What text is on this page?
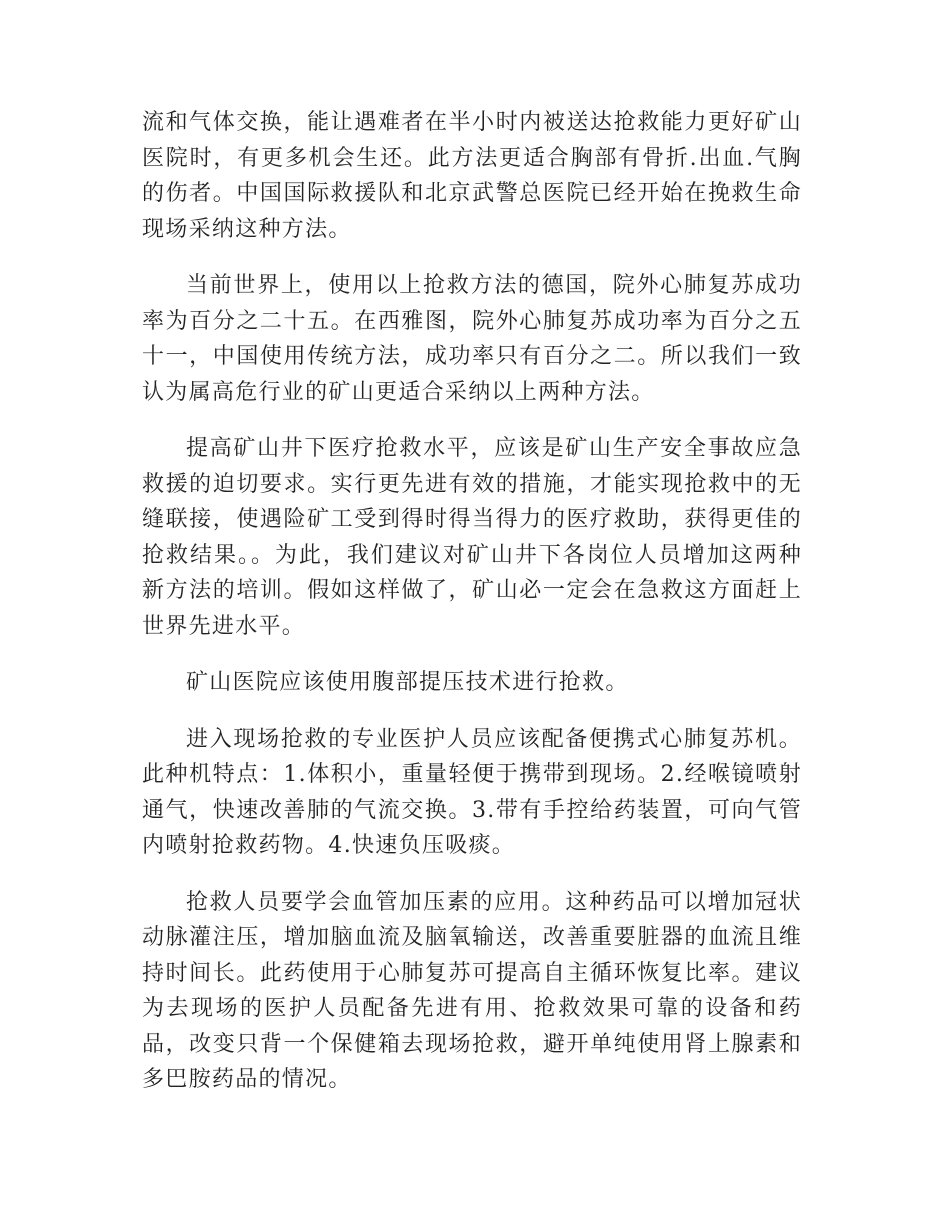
流和气体交换，能让遇难者在半小时内被送达抢救能力更好矿山医院时，有更多机会生还。此方法更适合胸部有骨折.出血.气胸的伤者。中国国际救援队和北京武警总医院已经开始在挽救生命现场采纳这种方法。

当前世界上，使用以上抢救方法的德国，院外心肺复苏成功率为百分之二十五。在西雅图，院外心肺复苏成功率为百分之五十一，中国使用传统方法，成功率只有百分之二。所以我们一致认为属高危行业的矿山更适合采纳以上两种方法。

提高矿山井下医疗抢救水平，应该是矿山生产安全事故应急救援的迫切要求。实行更先进有效的措施，才能实现抢救中的无缝联接，使遇险矿工受到得时得当得力的医疗救助，获得更佳的抢救结果。。为此，我们建议对矿山井下各岗位人员增加这两种新方法的培训。假如这样做了，矿山必一定会在急救这方面赶上世界先进水平。

矿山医院应该使用腹部提压技术进行抢救。

进入现场抢救的专业医护人员应该配备便携式心肺复苏机。此种机特点：1.体积小，重量轻便于携带到现场。2.经喉镜喷射通气，快速改善肺的气流交换。3.带有手控给药装置，可向气管内喷射抢救药物。4.快速负压吸痰。

抢救人员要学会血管加压素的应用。这种药品可以增加冠状动脉灌注压，增加脑血流及脑氧输送，改善重要脏器的血流且维持时间长。此药使用于心肺复苏可提高自主循环恢复比率。建议为去现场的医护人员配备先进有用、抢救效果可靠的设备和药品，改变只背一个保健箱去现场抢救，避开单纯使用肾上腺素和多巴胺药品的情况。
